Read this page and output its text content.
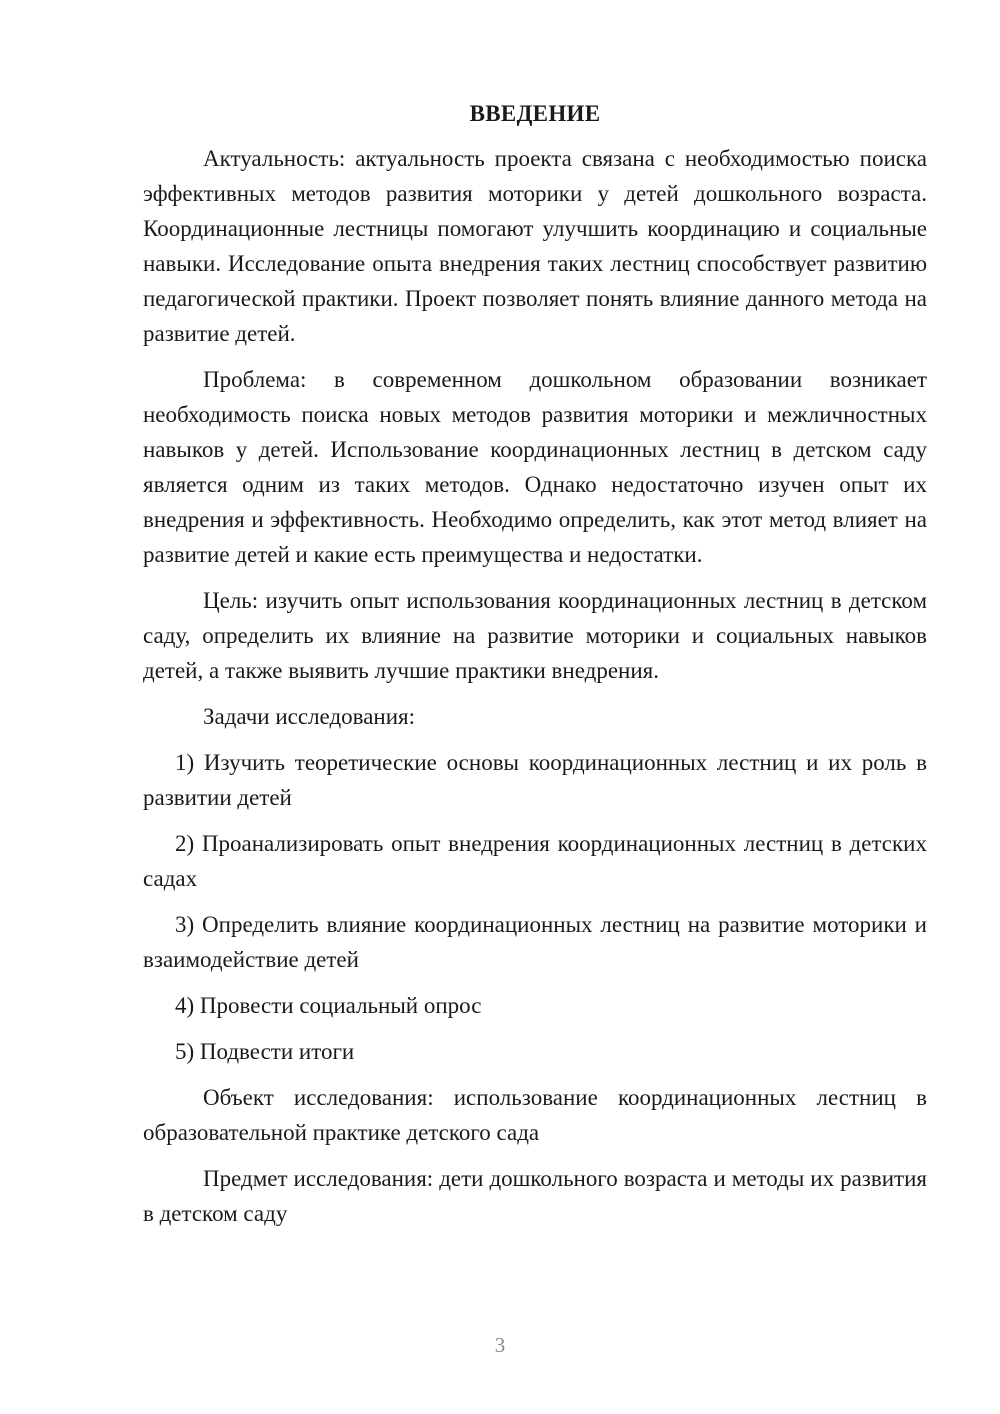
ВВЕДЕНИЕ

Актуальность: актуальность проекта связана с необходимостью поиска эффективных методов развития моторики у детей дошкольного возраста. Координационные лестницы помогают улучшить координацию и социальные навыки. Исследование опыта внедрения таких лестниц способствует развитию педагогической практики. Проект позволяет понять влияние данного метода на развитие детей.

Проблема: в современном дошкольном образовании возникает необходимость поиска новых методов развития моторики и межличностных навыков у детей. Использование координационных лестниц в детском саду является одним из таких методов. Однако недостаточно изучен опыт их внедрения и эффективность. Необходимо определить, как этот метод влияет на развитие детей и какие есть преимущества и недостатки.

Цель: изучить опыт использования координационных лестниц в детском саду, определить их влияние на развитие моторики и социальных навыков детей, а также выявить лучшие практики внедрения.

Задачи исследования:

1) Изучить теоретические основы координационных лестниц и их роль в развитии детей

2) Проанализировать опыт внедрения координационных лестниц в детских садах

3) Определить влияние координационных лестниц на развитие моторики и взаимодействие детей

4) Провести социальный опрос

5) Подвести итоги

Объект исследования: использование координационных лестниц в образовательной практике детского сада

Предмет исследования: дети дошкольного возраста и методы их развития в детском саду

3
